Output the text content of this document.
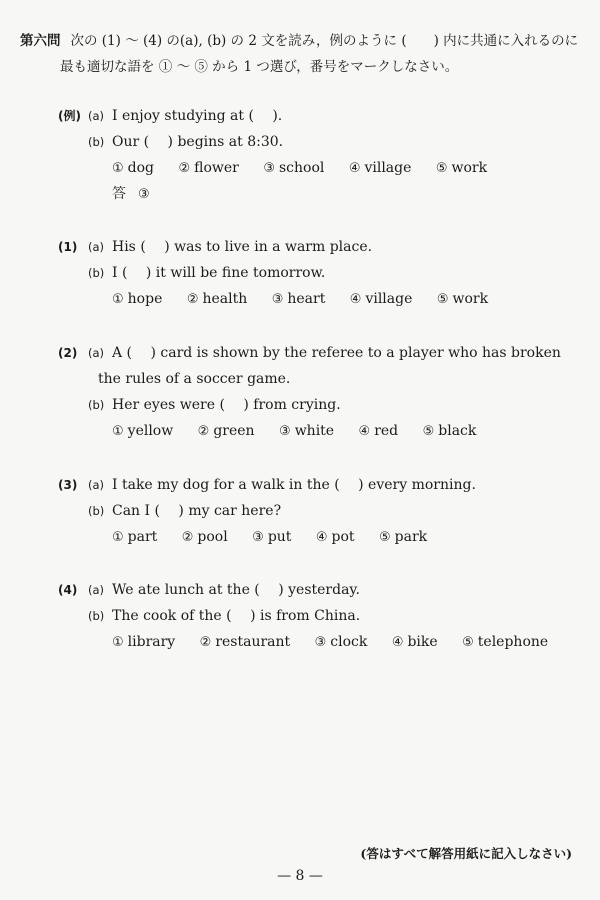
第六問 次の (1) ～ (4) の(a), (b) の 2 文を読み，例のように (　　) 内に共通に入れるのに
最も適切な語を ① ～ ⑤ から 1 つ選び，番号をマークしなさい。
(例) (a) I enjoy studying at (　 ).
(b) Our (　 ) begins at 8:30.
① dog ② flower ③ school ④ village ⑤ work
答 ③
(1) (a) His (　 ) was to live in a warm place.
(b) I (　 ) it will be fine tomorrow.
① hope ② health ③ heart ④ village ⑤ work
(2) (a) A (　 ) card is shown by the referee to a player who has broken
the rules of a soccer game.
(b) Her eyes were (　 ) from crying.
① yellow ② green ③ white ④ red ⑤ black
(3) (a) I take my dog for a walk in the (　 ) every morning.
(b) Can I (　 ) my car here?
① part ② pool ③ put ④ pot ⑤ park
(4) (a) We ate lunch at the (　 ) yesterday.
(b) The cook of the (　 ) is from China.
① library ② restaurant ③ clock ④ bike ⑤ telephone
(答はすべて解答用紙に記入しなさい)
— 8 —
